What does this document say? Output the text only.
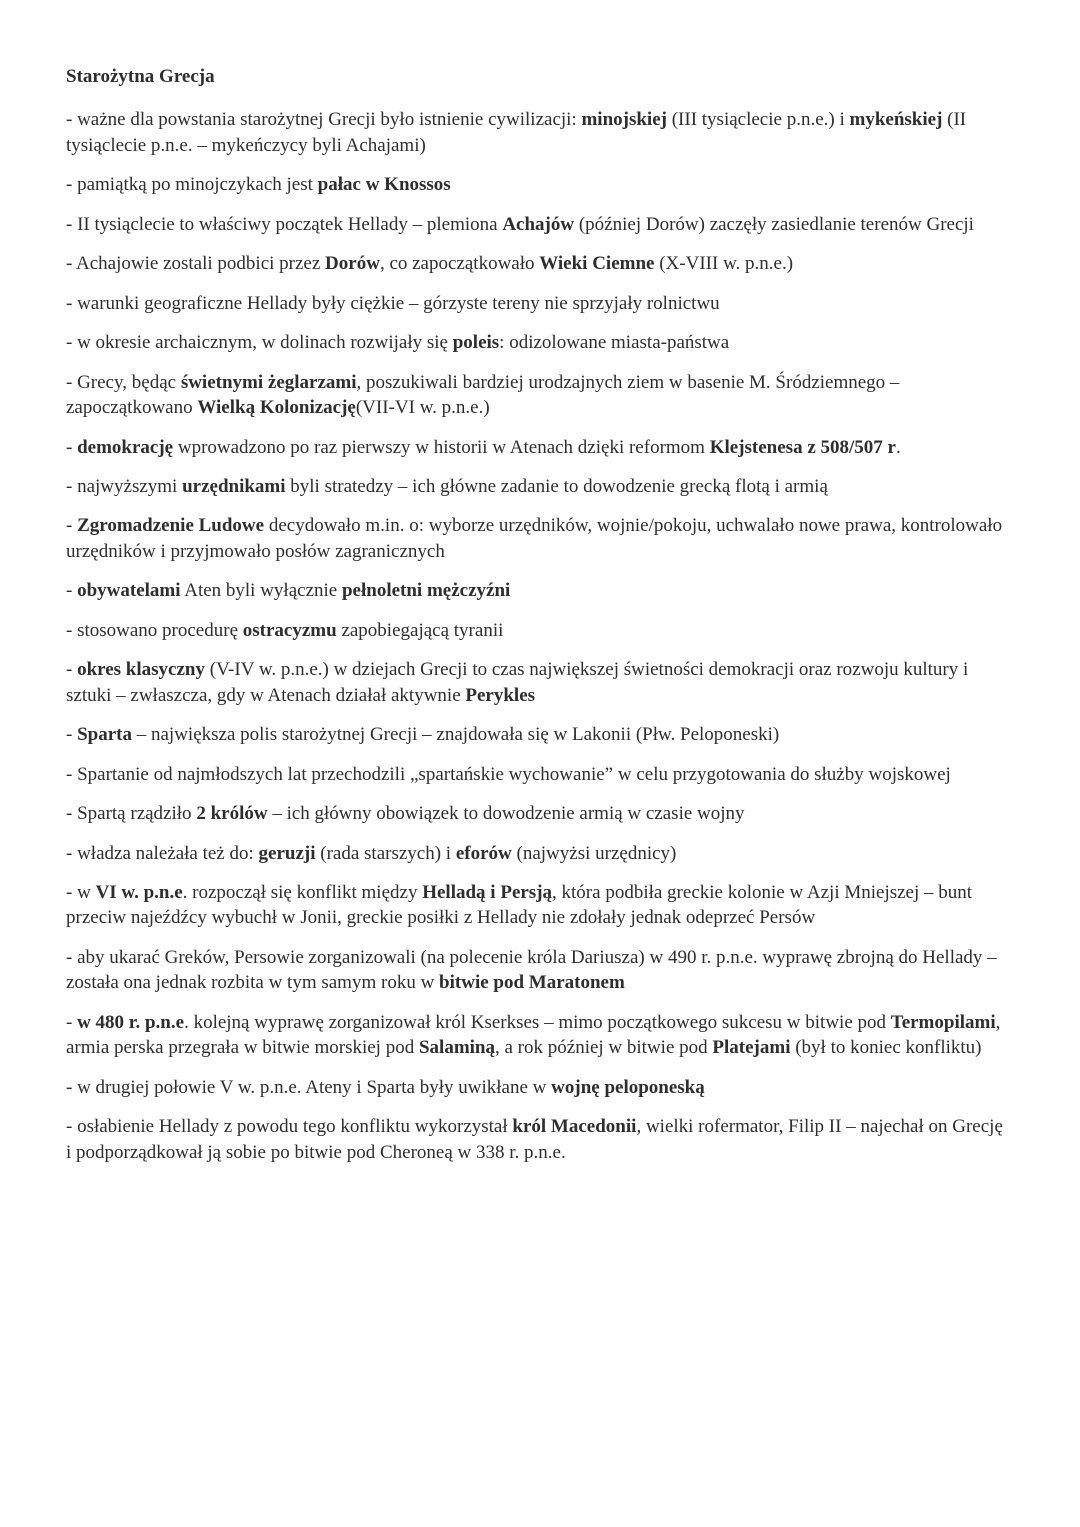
Starożytna Grecja

- ważne dla powstania starożytnej Grecji było istnienie cywilizacji: minojskiej (III tysiąclecie p.n.e.) i mykeńskiej (II tysiąclecie p.n.e. – mykeńczycy byli Achajami)

- pamiątką po minojczykach jest pałac w Knossos

- II tysiąclecie to właściwy początek Hellady – plemiona Achajów (później Dorów) zaczęły zasiedlanie terenów Grecji

- Achajowie zostali podbici przez Dorów, co zapoczątkowało Wieki Ciemne (X-VIII w. p.n.e.)

- warunki geograficzne Hellady były ciężkie – górzyste tereny nie sprzyjały rolnictwu

- w okresie archaicznym, w dolinach rozwijały się poleis: odizolowane miasta-państwa

- Grecy, będąc świetnymi żeglarzami, poszukiwali bardziej urodzajnych ziem w basenie M. Śródziemnego – zapoczątkowano Wielką Kolonizację(VII-VI w. p.n.e.)

- demokrację wprowadzono po raz pierwszy w historii w Atenach dzięki reformom Klejstenesa z 508/507 r.

- najwyższymi urzędnikami byli stratedzy – ich główne zadanie to dowodzenie grecką flotą i armią

- Zgromadzenie Ludowe decydowało m.in. o: wyborze urzędników, wojnie/pokoju, uchwalało nowe prawa, kontrolowało urzędników i przyjmowało posłów zagranicznych

- obywatelami Aten byli wyłącznie pełnoletni mężczyźni

- stosowano procedurę ostracyzmu zapobiegającą tyranii

- okres klasyczny (V-IV w. p.n.e.) w dziejach Grecji to czas największej świetności demokracji oraz rozwoju kultury i sztuki – zwłaszcza, gdy w Atenach działał aktywnie Perykles

- Sparta – największa polis starożytnej Grecji – znajdowała się w Lakonii (Płw. Peloponeski)

- Spartanie od najmłodszych lat przechodzili „spartańskie wychowanie” w celu przygotowania do służby wojskowej

- Spartą rządziło 2 królów – ich główny obowiązek to dowodzenie armią w czasie wojny

- władza należała też do: geruzji (rada starszych) i eforów (najwyżsi urzędnicy)

- w VI w. p.n.e. rozpoczął się konflikt między Helladą i Persją, która podbiła greckie kolonie w Azji Mniejszej – bunt przeciw najeźdźcy wybuchł w Jonii, greckie posiłki z Hellady nie zdołały jednak odeprzeć Persów

- aby ukarać Greków, Persowie zorganizowali (na polecenie króla Dariusza) w 490 r. p.n.e. wyprawę zbrojną do Hellady – została ona jednak rozbita w tym samym roku w bitwie pod Maratonem

- w 480 r. p.n.e. kolejną wyprawę zorganizował król Kserkses – mimo początkowego sukcesu w bitwie pod Termopilami, armia perska przegrała w bitwie morskiej pod Salaminą, a rok później w bitwie pod Platejami (był to koniec konfliktu)

- w drugiej połowie V w. p.n.e. Ateny i Sparta były uwikłane w wojnę peloponeską

- osłabienie Hellady z powodu tego konfliktu wykorzystał król Macedonii, wielki rofermator, Filip II – najechał on Grecję i podporządkował ją sobie po bitwie pod Cheroneą w 338 r. p.n.e.
